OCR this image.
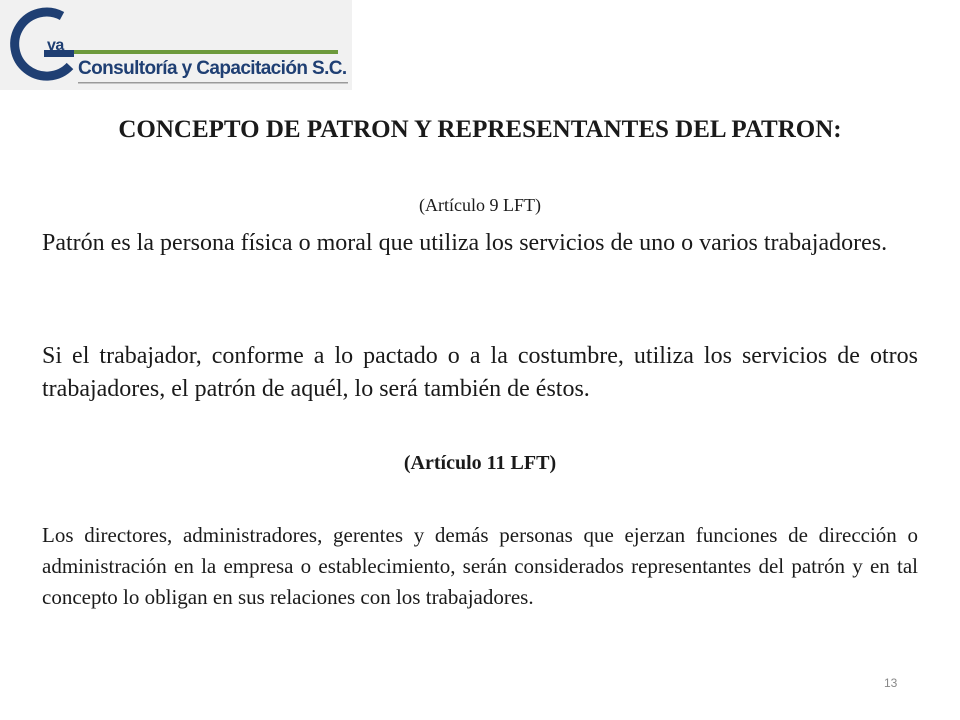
va
Consultoría y Capacitación S.C.
CONCEPTO DE PATRON Y REPRESENTANTES DEL PATRON:
(Artículo 9 LFT)
Patrón es la persona física o moral que utiliza los servicios de uno o varios trabajadores.
Si el trabajador, conforme a lo pactado o a la costumbre, utiliza los servicios de otros trabajadores, el patrón de aquél, lo será también de éstos.
(Artículo 11 LFT)
Los directores, administradores, gerentes y demás personas que ejerzan funciones de dirección o administración en la empresa o establecimiento, serán considerados representantes del patrón y en tal concepto lo obligan en sus relaciones con los trabajadores.
13
